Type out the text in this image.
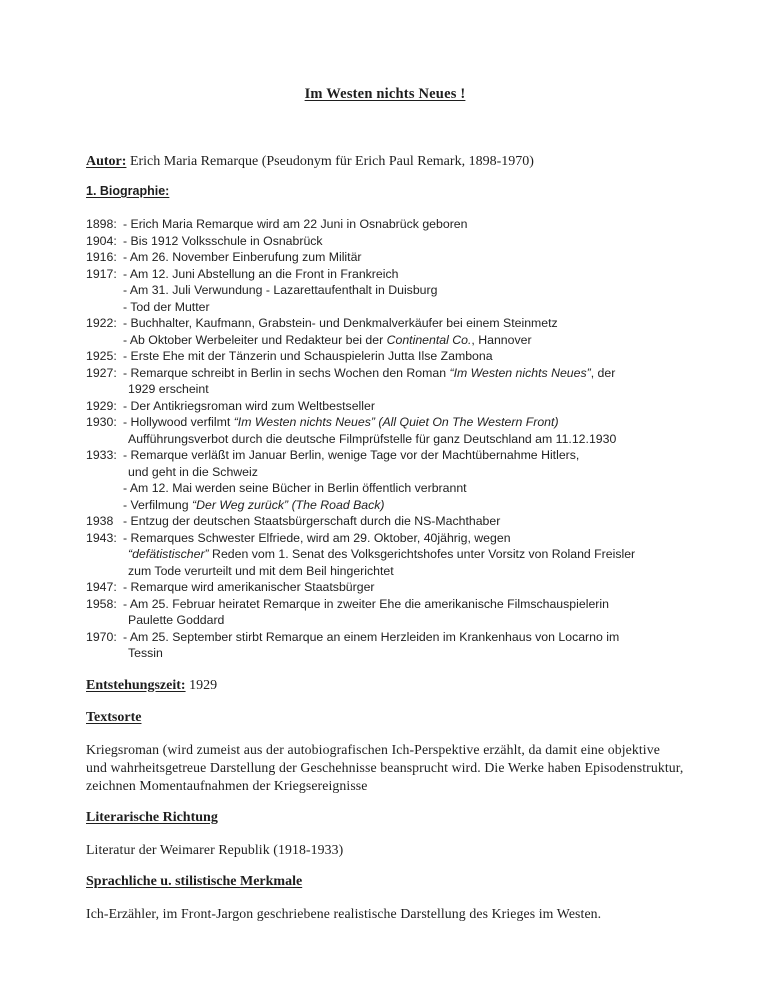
Im Westen nichts Neues !

Autor: Erich Maria Remarque (Pseudonym für Erich Paul Remark, 1898-1970)

1. Biographie:
1898: - Erich Maria Remarque wird am 22 Juni in Osnabrück geboren
1904: - Bis 1912 Volksschule in Osnabrück
1916: - Am 26. November Einberufung zum Militär
1917: - Am 12. Juni Abstellung an die Front in Frankreich
- Am 31. Juli Verwundung - Lazarettaufenthalt in Duisburg
- Tod der Mutter
1922: - Buchhalter, Kaufmann, Grabstein- und Denkmalverkäufer bei einem Steinmetz
- Ab Oktober Werbeleiter und Redakteur bei der Continental Co., Hannover
1925: - Erste Ehe mit der Tänzerin und Schauspielerin Jutta Ilse Zambona
1927: - Remarque schreibt in Berlin in sechs Wochen den Roman “Im Westen nichts Neues”, der
1929 erscheint
1929: - Der Antikriegsroman wird zum Weltbestseller
1930: - Hollywood verfilmt “Im Westen nichts Neues” (All Quiet On The Western Front)
Aufführungsverbot durch die deutsche Filmprüfstelle für ganz Deutschland am 11.12.1930
1933: - Remarque verläßt im Januar Berlin, wenige Tage vor der Machtübernahme Hitlers,
und geht in die Schweiz
- Am 12. Mai werden seine Bücher in Berlin öffentlich verbrannt
- Verfilmung “Der Weg zurück” (The Road Back)
1938 - Entzug der deutschen Staatsbürgerschaft durch die NS-Machthaber
1943: - Remarques Schwester Elfriede, wird am 29. Oktober, 40jährig, wegen
“defätistischer” Reden vom 1. Senat des Volksgerichtshofes unter Vorsitz von Roland Freisler
zum Tode verurteilt und mit dem Beil hingerichtet
1947: - Remarque wird amerikanischer Staatsbürger
1958: - Am 25. Februar heiratet Remarque in zweiter Ehe die amerikanische Filmschauspielerin
Paulette Goddard
1970: - Am 25. September stirbt Remarque an einem Herzleiden im Krankenhaus von Locarno im
Tessin

Entstehungszeit: 1929

Textsorte

Kriegsroman (wird zumeist aus der autobiografischen Ich-Perspektive erzählt, da damit eine objektive und wahrheitsgetreue Darstellung der Geschehnisse beansprucht wird. Die Werke haben Episodenstruktur, zeichnen Momentaufnahmen der Kriegsereignisse

Literarische Richtung

Literatur der Weimarer Republik (1918-1933)

Sprachliche u. stilistische Merkmale

Ich-Erzähler, im Front-Jargon geschriebene realistische Darstellung des Krieges im Westen.
